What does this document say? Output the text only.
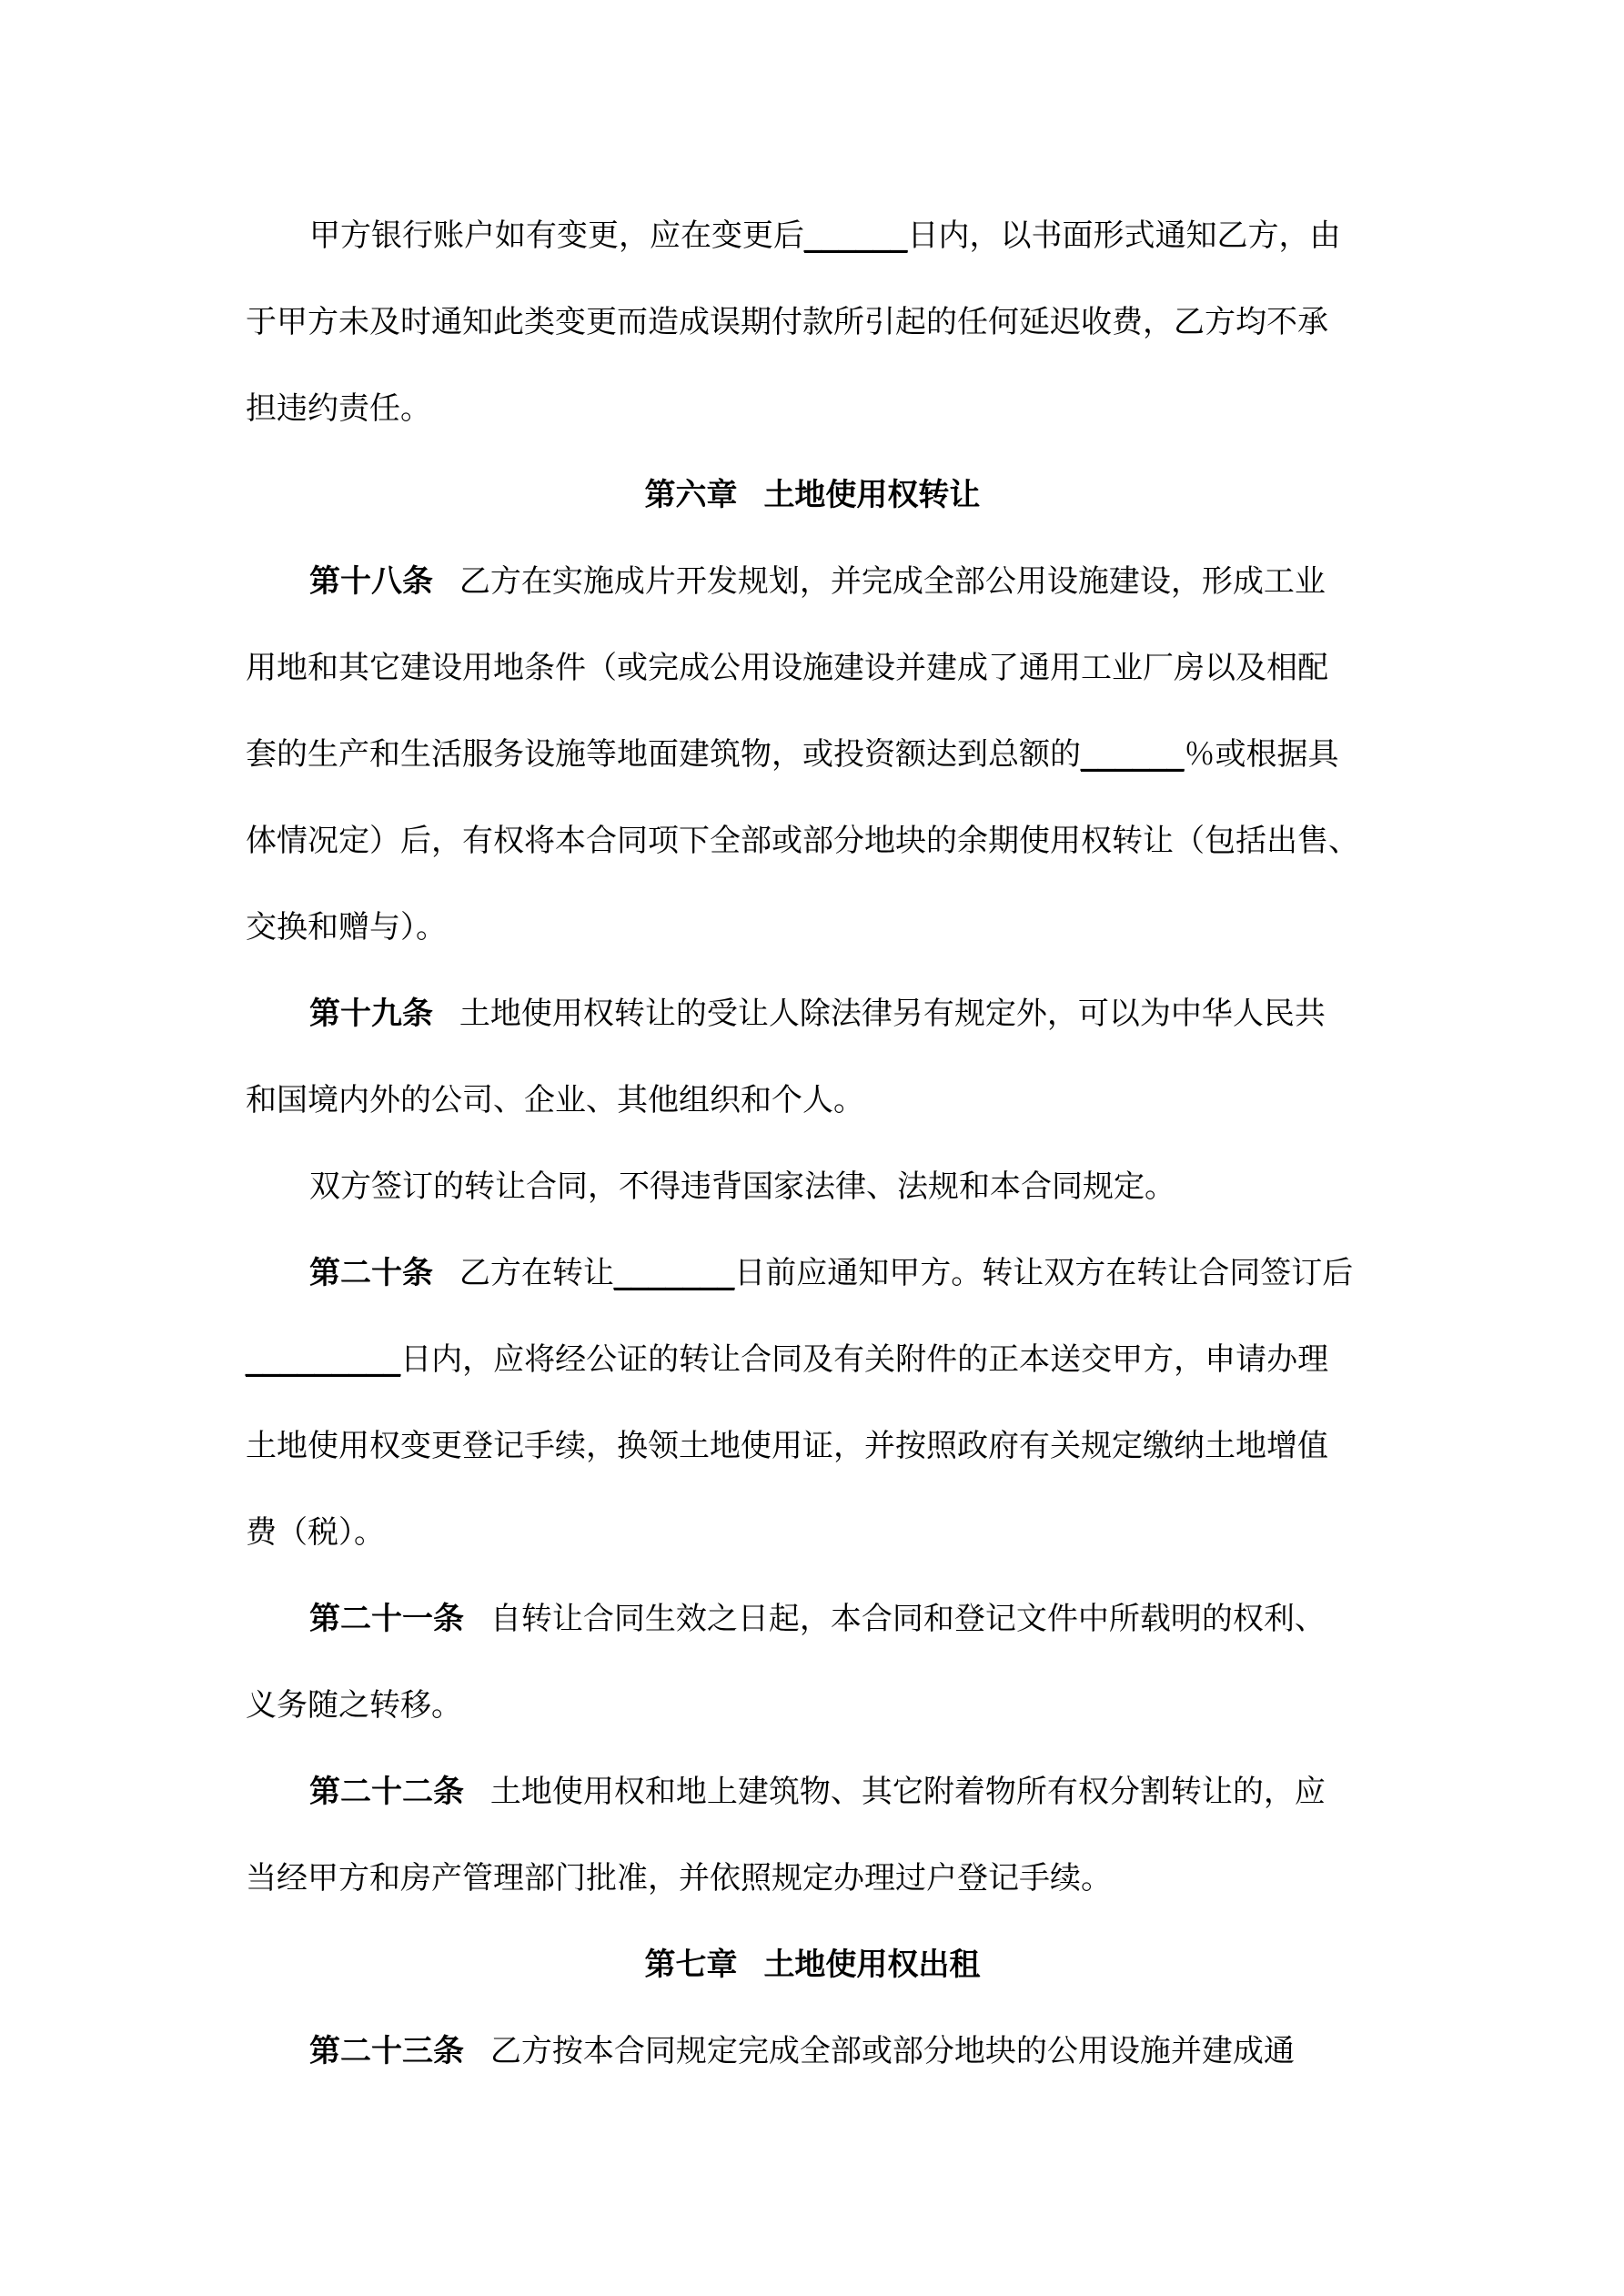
甲方银行账户如有变更，应在变更后______日内，以书面形式通知乙方，由
于甲方未及时通知此类变更而造成误期付款所引起的任何延迟收费，乙方均不承
担违约责任。
第六章 土地使用权转让
第十八条 乙方在实施成片开发规划，并完成全部公用设施建设，形成工业
用地和其它建设用地条件（或完成公用设施建设并建成了通用工业厂房以及相配
套的生产和生活服务设施等地面建筑物，或投资额达到总额的______％或根据具
体情况定）后，有权将本合同项下全部或部分地块的余期使用权转让（包括出售、
交换和赠与）。
第十九条 土地使用权转让的受让人除法律另有规定外，可以为中华人民共
和国境内外的公司、企业、其他组织和个人。
双方签订的转让合同，不得违背国家法律、法规和本合同规定。
第二十条 乙方在转让_______日前应通知甲方。转让双方在转让合同签订后
_________日内，应将经公证的转让合同及有关附件的正本送交甲方，申请办理
土地使用权变更登记手续，换领土地使用证，并按照政府有关规定缴纳土地增值
费（税）。
第二十一条 自转让合同生效之日起，本合同和登记文件中所载明的权利、
义务随之转移。
第二十二条 土地使用权和地上建筑物、其它附着物所有权分割转让的，应
当经甲方和房产管理部门批准，并依照规定办理过户登记手续。
第七章 土地使用权出租
第二十三条 乙方按本合同规定完成全部或部分地块的公用设施并建成通
